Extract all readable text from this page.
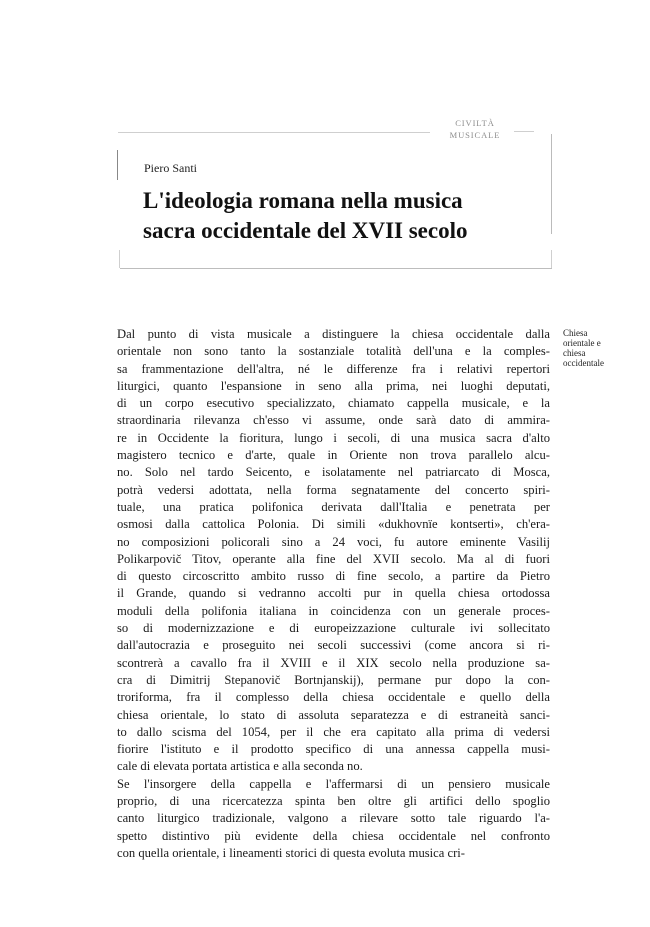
CIVILTÀ
MUSICALE
Piero Santi
L'ideologia romana nella musica
sacra occidentale del XVII secolo
Chiesa
orientale e
chiesa
occidentale
Dal punto di vista musicale a distinguere la chiesa occidentale dalla
orientale non sono tanto la sostanziale totalità dell'una e la comples-
sa frammentazione dell'altra, né le differenze fra i relativi repertori
liturgici, quanto l'espansione in seno alla prima, nei luoghi deputati,
di un corpo esecutivo specializzato, chiamato cappella musicale, e la
straordinaria rilevanza ch'esso vi assume, onde sarà dato di ammira-
re in Occidente la fioritura, lungo i secoli, di una musica sacra d'alto
magistero tecnico e d'arte, quale in Oriente non trova parallelo alcu-
no. Solo nel tardo Seicento, e isolatamente nel patriarcato di Mosca,
potrà vedersi adottata, nella forma segnatamente del concerto spiri-
tuale, una pratica polifonica derivata dall'Italia e penetrata per
osmosi dalla cattolica Polonia. Di simili «dukhovnïe kontserti», ch'era-
no composizioni policorali sino a 24 voci, fu autore eminente Vasilij
Polikarpovič Titov, operante alla fine del XVII secolo. Ma al di fuori
di questo circoscritto ambito russo di fine secolo, a partire da Pietro
il Grande, quando si vedranno accolti pur in quella chiesa ortodossa
moduli della polifonia italiana in coincidenza con un generale proces-
so di modernizzazione e di europeizzazione culturale ivi sollecitato
dall'autocrazia e proseguito nei secoli successivi (come ancora si ri-
scontrerà a cavallo fra il XVIII e il XIX secolo nella produzione sa-
cra di Dimitrij Stepanovič Bortnjanskij), permane pur dopo la con-
troriforma, fra il complesso della chiesa occidentale e quello della
chiesa orientale, lo stato di assoluta separatezza e di estraneità sanci-
to dallo scisma del 1054, per il che era capitato alla prima di vedersi
fiorire l'istituto e il prodotto specifico di una annessa cappella musi-
cale di elevata portata artistica e alla seconda no.
Se l'insorgere della cappella e l'affermarsi di un pensiero musicale
proprio, di una ricercatezza spinta ben oltre gli artifici dello spoglio
canto liturgico tradizionale, valgono a rilevare sotto tale riguardo l'a-
spetto distintivo più evidente della chiesa occidentale nel confronto
con quella orientale, i lineamenti storici di questa evoluta musica cri-
